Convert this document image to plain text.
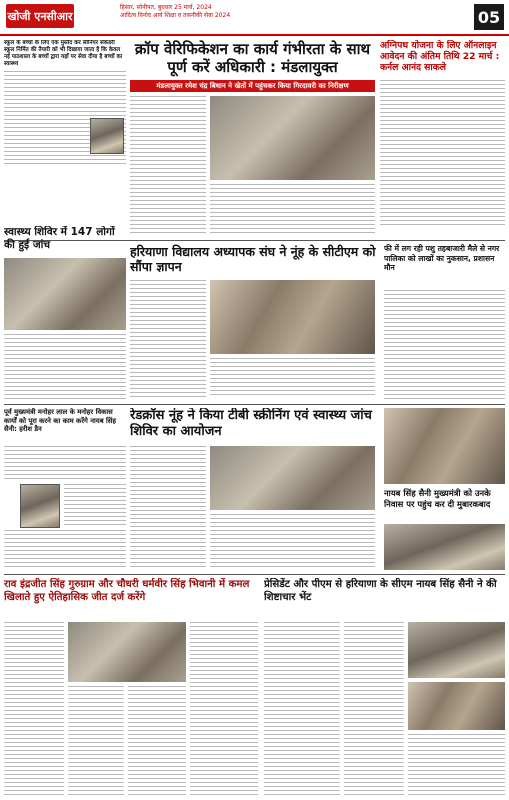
खोजी एनसीआर
हिसार, सोनीपत, बुधवार 25 मार्च, 2024
आदित्य विनोद आर्य शिक्षा व तकनीकी सेवा 2024	05
स्कूल के बच्चों के लिए एक मुस्तैद कर सीनियर सेकेंडरी स्कूल निर्मित की तैयारी को भी दिखाया जाता है कि केवल नई पाठशाला के बच्चों द्वारा यहाँ पर सेवा दीया है बच्चों का स्वास्थ्य
क्रॉप वेरिफिकेशन का कार्य गंभीरता के साथ पूर्ण करें अधिकारी : मंडलायुक्त
मंडलायुक्त रमेश चंद्र बिधान ने खेतों में पहुंचकर किया गिरदावरी का निरीक्षण
अग्निपथ योजना के लिए ऑनलाइन आवेदन की अंतिम तिथि 22 मार्च : कर्नल आनंद साकले
हरियाणा विद्यालय अध्यापक संघ ने नूंह के सीटीएम को सौंपा ज्ञापन
स्वास्थ्य शिविर में 147 लोगों की हुई जांच	फी में लग रही पशु तहबाजारी मैले से नगर पालिका को लाखों का नुकसान, प्रशासन मौन
पूर्व मुख्यमंत्री मनोहर लाल के मनोहर विकास कार्यों को पूरा करने का काम करेंगे नायब सिंह सैनी: हरीश डैन
रेडक्रॉस नूंह ने किया टीबी स्क्रीनिंग एवं स्वास्थ्य जांच शिविर का आयोजन
नायब सिंह सैनी मुख्यमंत्री को उनके निवास पर पहुंच कर दी मुबारकबाद
राव इंद्रजीत सिंह गुरुग्राम और चौधरी धर्मवीर सिंह भिवानी में कमल खिलाते हुए ऐतिहासिक जीत दर्ज करेंगे
प्रेसिडेंट और पीएम से हरियाणा के सीएम नायब सिंह सैनी ने की शिष्टाचार भेंट
